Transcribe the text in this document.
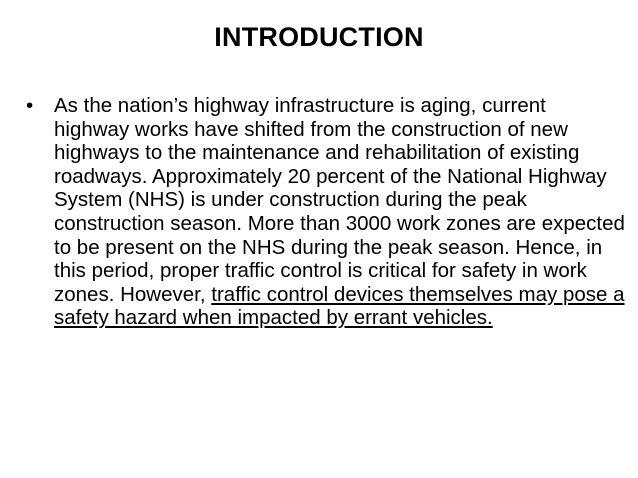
INTRODUCTION
• As the nation’s highway infrastructure is aging, current highway works have shifted from the construction of new highways to the maintenance and rehabilitation of existing roadways. Approximately 20 percent of the National Highway System (NHS) is under construction during the peak construction season. More than 3000 work zones are expected to be present on the NHS during the peak season. Hence, in this period, proper traffic control is critical for safety in work zones. However, traffic control devices themselves may pose a safety hazard when impacted by errant vehicles.
